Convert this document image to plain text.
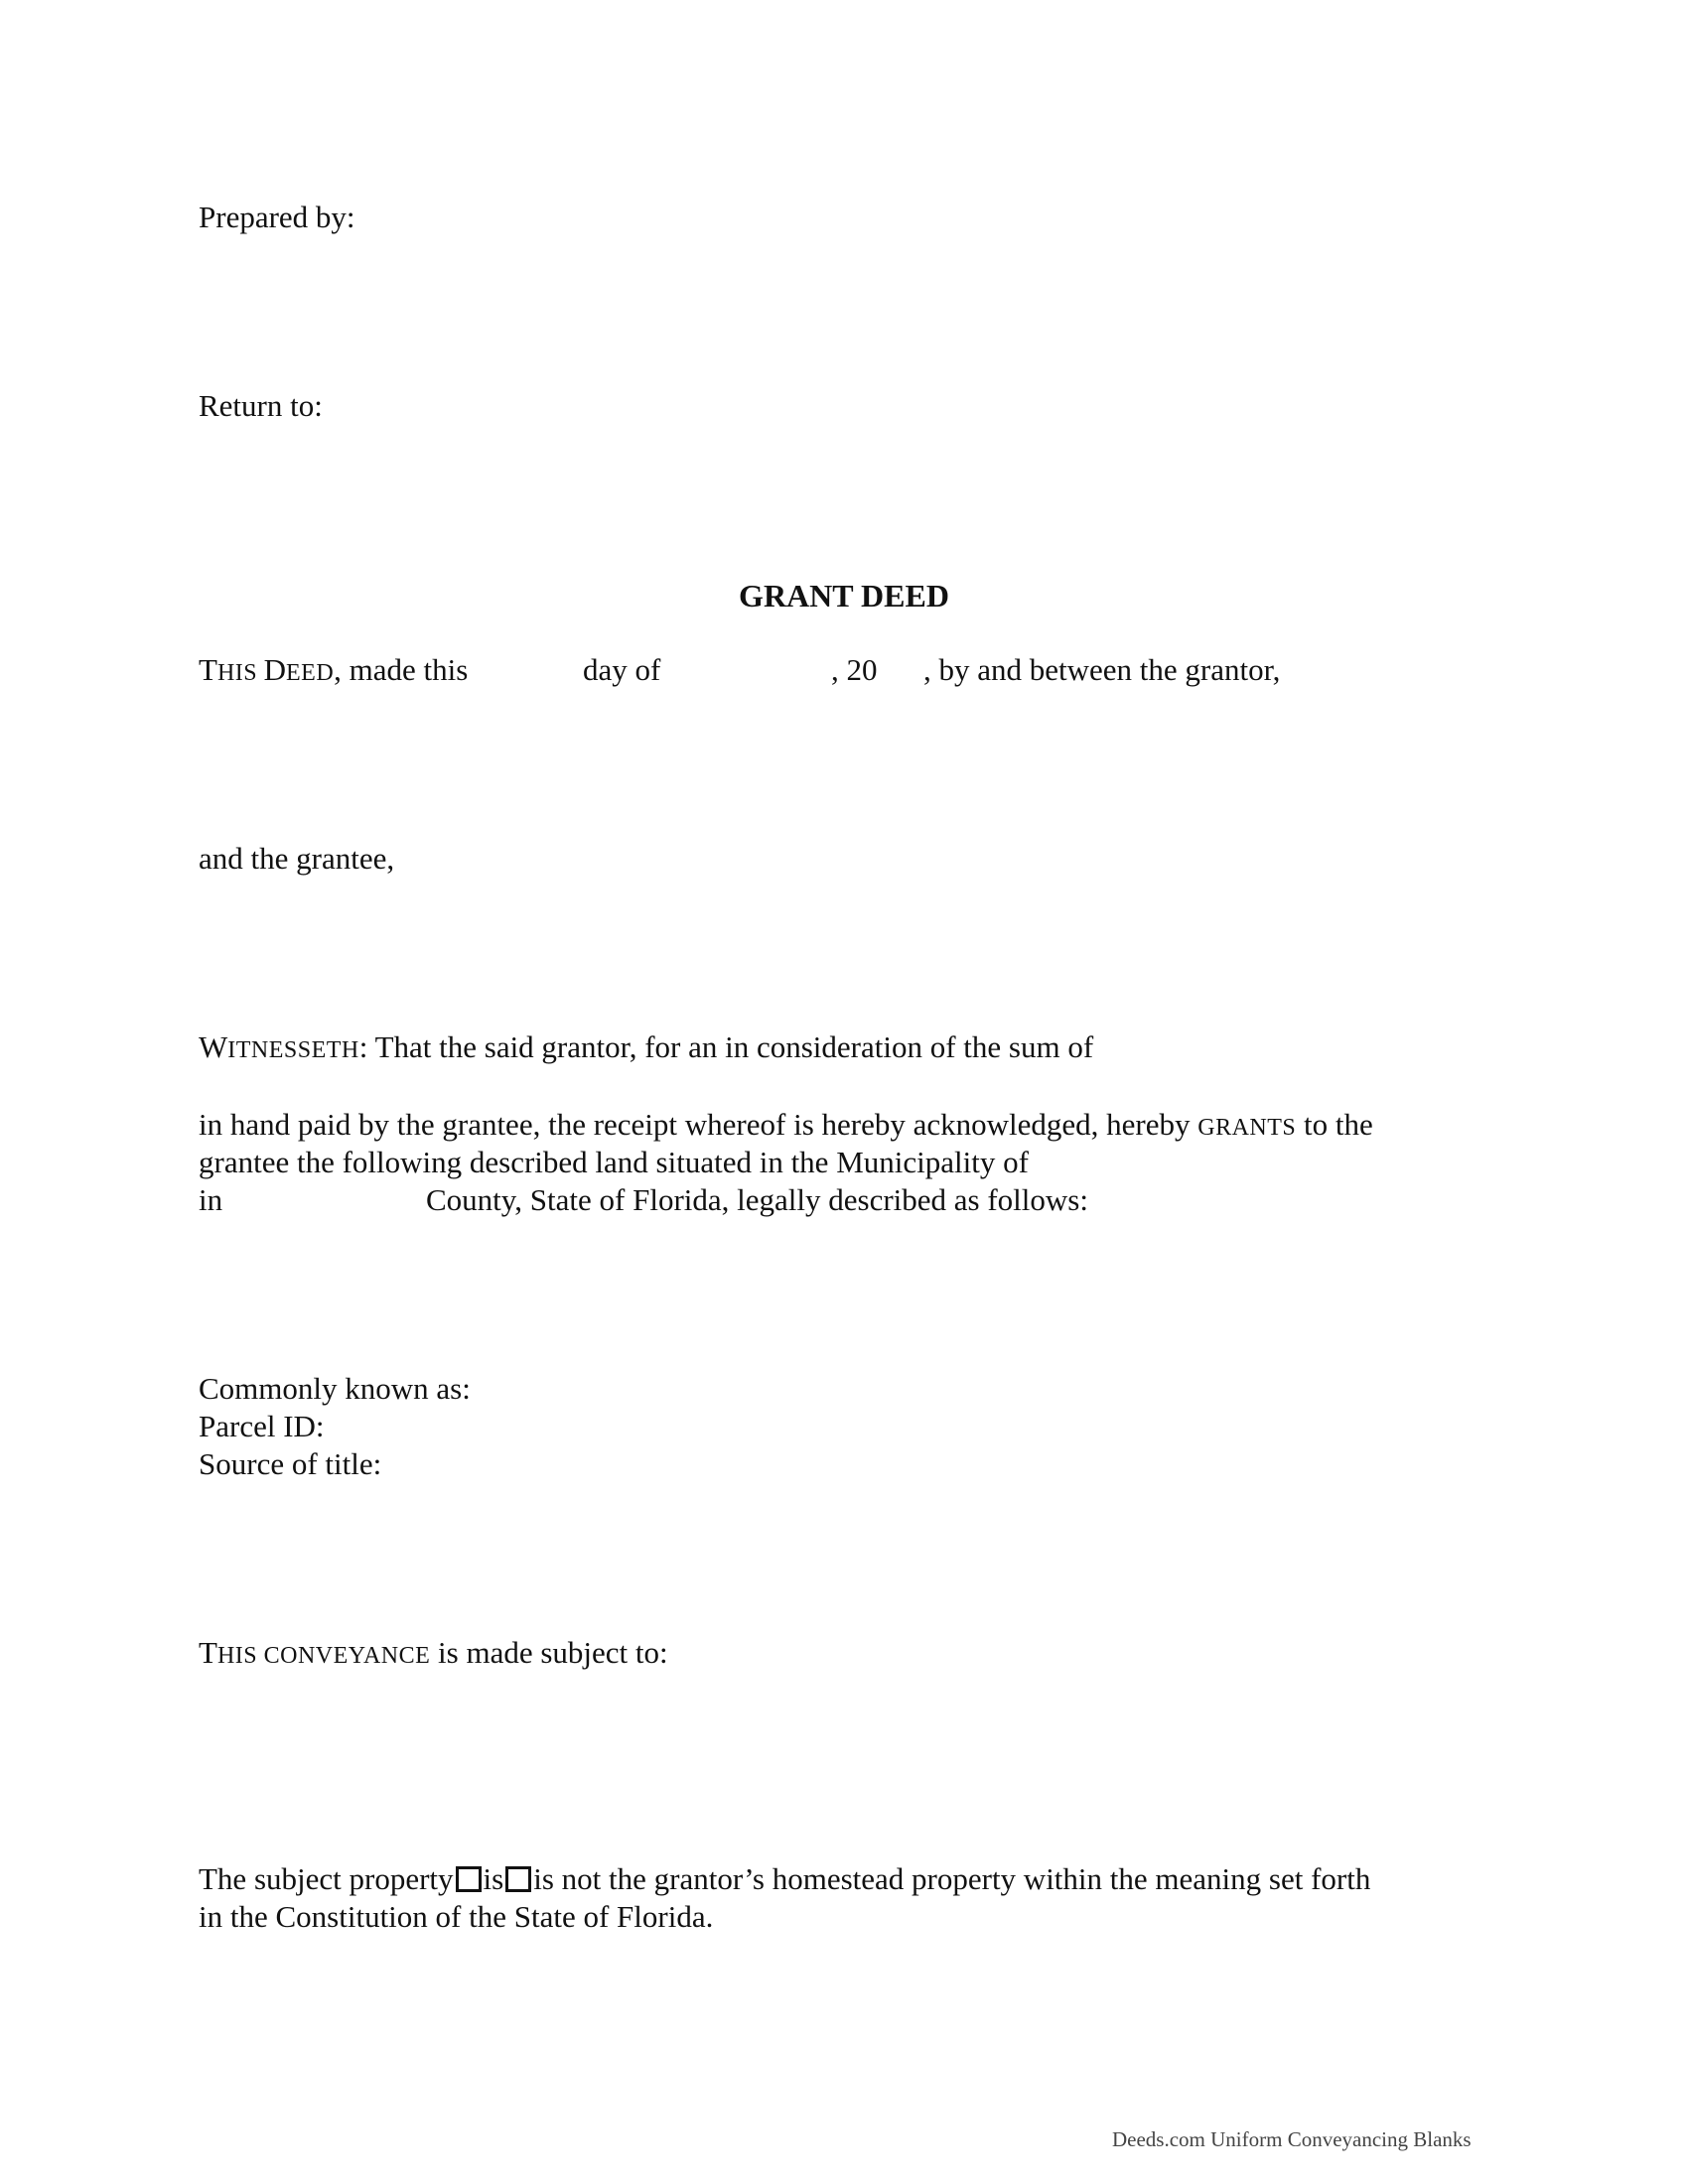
Prepared by:
Return to:
GRANT DEED
THIS DEED, made this	day of	, 20 , by and between the grantor,
and the grantee,
WITNESSETH: That the said grantor, for an in consideration of the sum of
in hand paid by the grantee, the receipt whereof is hereby acknowledged, hereby GRANTS to the
grantee the following described land situated in the Municipality of
in	County, State of Florida, legally described as follows:
Commonly known as:
Parcel ID:
Source of title:
THIS CONVEYANCE is made subject to:
The subject property is is not the grantor’s homestead property within the meaning set forth
in the Constitution of the State of Florida.
Deeds.com Uniform Conveyancing Blanks
